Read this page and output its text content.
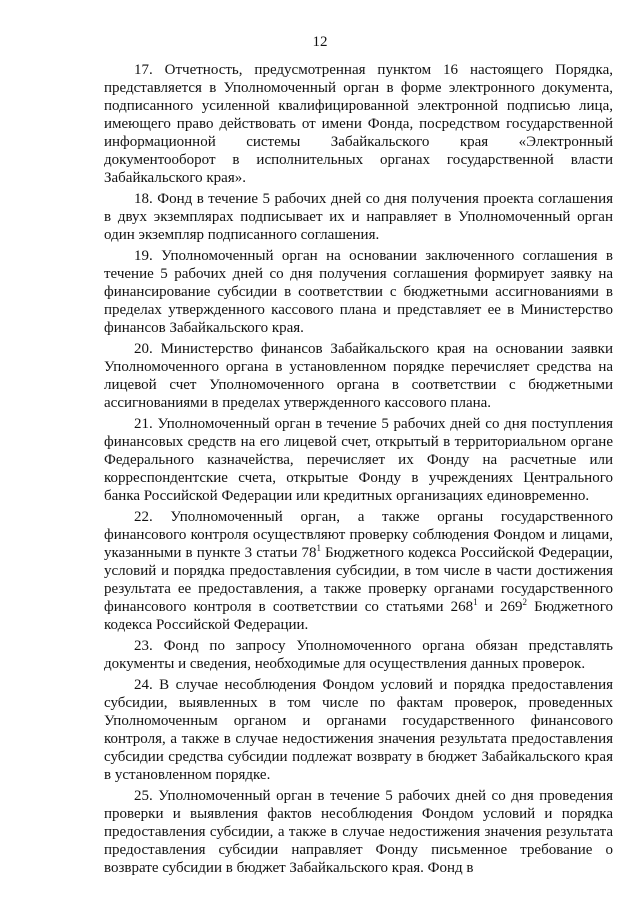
12

17. Отчетность, предусмотренная пунктом 16 настоящего Порядка, представляется в Уполномоченный орган в форме электронного документа, подписанного усиленной квалифицированной электронной подписью лица, имеющего право действовать от имени Фонда, посредством государственной информационной системы Забайкальского края «Электронный документооборот в исполнительных органах государственной власти Забайкальского края».

18. Фонд в течение 5 рабочих дней со дня получения проекта соглашения в двух экземплярах подписывает их и направляет в Уполномоченный орган один экземпляр подписанного соглашения.

19. Уполномоченный орган на основании заключенного соглашения в течение 5 рабочих дней со дня получения соглашения формирует заявку на финансирование субсидии в соответствии с бюджетными ассигнованиями в пределах утвержденного кассового плана и представляет ее в Министерство финансов Забайкальского края.

20. Министерство финансов Забайкальского края на основании заявки Уполномоченного органа в установленном порядке перечисляет средства на лицевой счет Уполномоченного органа в соответствии с бюджетными ассигнованиями в пределах утвержденного кассового плана.

21. Уполномоченный орган в течение 5 рабочих дней со дня поступления финансовых средств на его лицевой счет, открытый в территориальном органе Федерального казначейства, перечисляет их Фонду на расчетные или корреспондентские счета, открытые Фонду в учреждениях Центрального банка Российской Федерации или кредитных организациях единовременно.

22. Уполномоченный орган, а также органы государственного финансового контроля осуществляют проверку соблюдения Фондом и лицами, указанными в пункте 3 статьи $78^1$ Бюджетного кодекса Российской Федерации, условий и порядка предоставления субсидии, в том числе в части достижения результата ее предоставления, а также проверку органами государственного финансового контроля в соответствии со статьями $268^1$ и $269^2$ Бюджетного кодекса Российской Федерации.

23. Фонд по запросу Уполномоченного органа обязан представлять документы и сведения, необходимые для осуществления данных проверок.

24. В случае несоблюдения Фондом условий и порядка предоставления субсидии, выявленных в том числе по фактам проверок, проведенных Уполномоченным органом и органами государственного финансового контроля, а также в случае недостижения значения результата предоставления субсидии средства субсидии подлежат возврату в бюджет Забайкальского края в установленном порядке.

25. Уполномоченный орган в течение 5 рабочих дней со дня проведения проверки и выявления фактов несоблюдения Фондом условий и порядка предоставления субсидии, а также в случае недостижения значения результата предоставления субсидии направляет Фонду письменное требование о возврате субсидии в бюджет Забайкальского края. Фонд в
